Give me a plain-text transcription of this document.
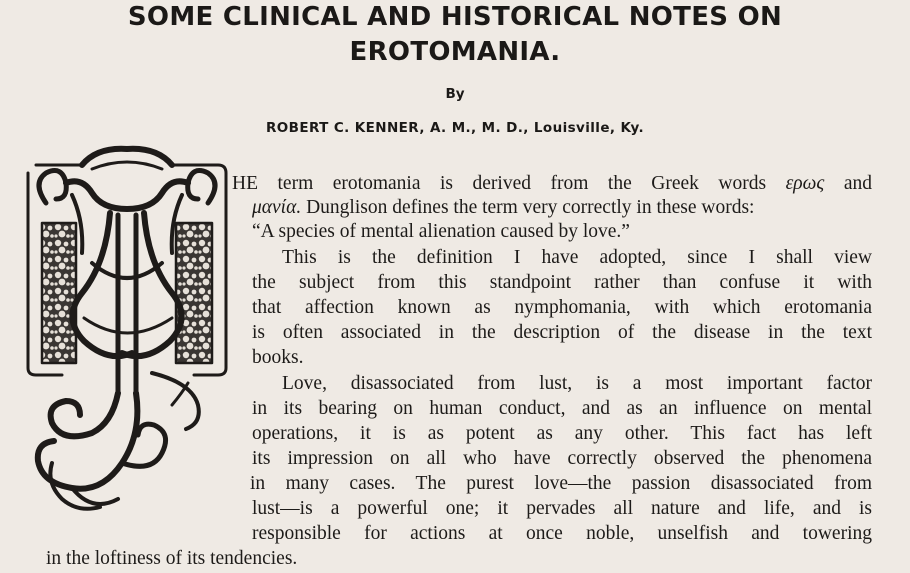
SOME CLINICAL AND HISTORICAL NOTES ON
EROTOMANIA.
By
ROBERT C. KENNER, A. M., M. D., Louisville, Ky.
HE term erotomania is derived from the Greek words ερως and
μανία. Dunglison defines the term very correctly in these words:
“A species of mental alienation caused by love.”
This is the definition I have adopted, since I shall view
the subject from this standpoint rather than confuse it with
that affection known as nymphomania, with which erotomania
is often associated in the description of the disease in the text
books.
Love, disassociated from lust, is a most important factor
in its bearing on human conduct, and as an influence on mental
operations, it is as potent as any other. This fact has left
its impression on all who have correctly observed the phenomena
in many cases. The purest love—the passion disassociated from
lust—is a powerful one; it pervades all nature and life, and is
responsible for actions at once noble, unselfish and towering
in the loftiness of its tendencies.
